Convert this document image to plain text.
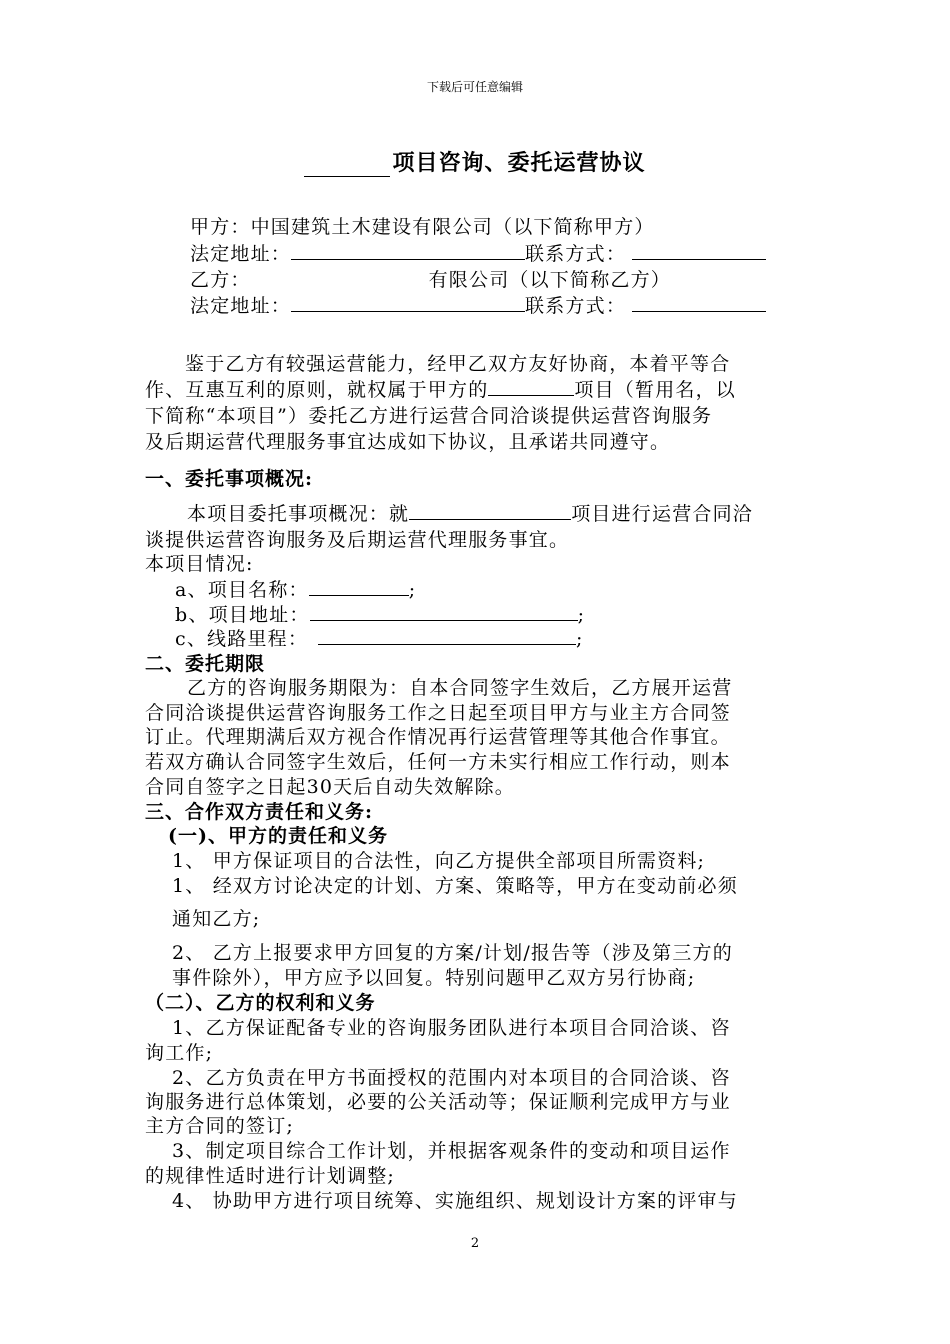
下载后可任意编辑
项目咨询、委托运营协议
甲方：中国建筑土木建设有限公司（以下简称甲方）
法定地址：	联系方式：
乙方：	有限公司（以下简称乙方）
法定地址：	联系方式：
鉴于乙方有较强运营能力，经甲乙双方友好协商，本着平等合
作、互惠互利的原则，就权属于甲方的	项目（暂用名，以
下简称“本项目”）委托乙方进行运营合同洽谈提供运营咨询服务
及后期运营代理服务事宜达成如下协议，且承诺共同遵守。
一、委托事项概况:
本项目委托事项概况：就	项目进行运营合同洽
谈提供运营咨询服务及后期运营代理服务事宜。
本项目情况:
a、项目名称：	;
b、项目地址：	;
c、线路里程：	;
二、委托期限
乙方的咨询服务期限为：自本合同签字生效后，乙方展开运营
合同洽谈提供运营咨询服务工作之日起至项目甲方与业主方合同签
订止。代理期满后双方视合作情况再行运营管理等其他合作事宜。
若双方确认合同签字生效后，任何一方未实行相应工作行动，则本
合同自签字之日起30天后自动失效解除。
三、合作双方责任和义务:
(一)、甲方的责任和义务
1、 甲方保证项目的合法性，向乙方提供全部项目所需资料;
1、 经双方讨论决定的计划、方案、策略等，甲方在变动前必须
通知乙方;
2、 乙方上报要求甲方回复的方案/计划/报告等（涉及第三方的
事件除外），甲方应予以回复。特别问题甲乙双方另行协商;
（二）、乙方的权利和义务
1、乙方保证配备专业的咨询服务团队进行本项目合同洽谈、咨
询工作;
2、乙方负责在甲方书面授权的范围内对本项目的合同洽谈、咨
询服务进行总体策划，必要的公关活动等；保证顺利完成甲方与业
主方合同的签订;
3、制定项目综合工作计划，并根据客观条件的变动和项目运作
的规律性适时进行计划调整;
4、 协助甲方进行项目统筹、实施组织、规划设计方案的评审与
2
